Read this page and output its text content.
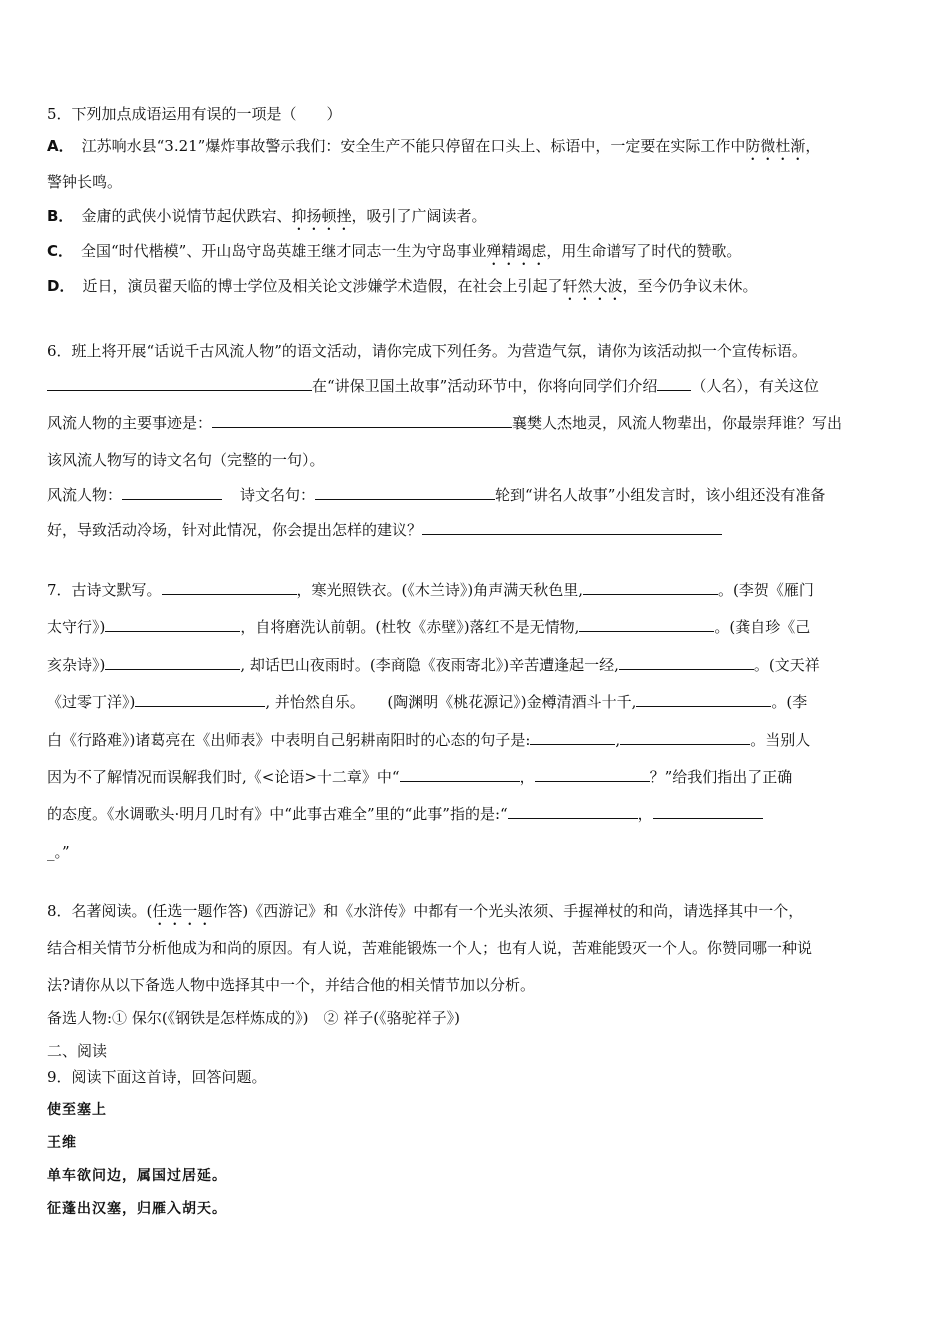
5．下列加点成语运用有误的一项是（　　）
A． 江苏响水县“3.21”爆炸事故警示我们：安全生产不能只停留在口头上、标语中，一定要在实际工作中防微杜渐，
警钟长鸣。
B． 金庸的武侠小说情节起伏跌宕、抑扬顿挫，吸引了广阔读者。
C． 全国“时代楷模”、开山岛守岛英雄王继才同志一生为守岛事业殚精竭虑，用生命谱写了时代的赞歌。
D． 近日，演员翟天临的博士学位及相关论文涉嫌学术造假，在社会上引起了轩然大波，至今仍争议未休。
6．班上将开展“话说千古风流人物”的语文活动，请你完成下列任务。为营造气氛，请你为该活动拟一个宣传标语。
在“讲保卫国土故事”活动环节中，你将向同学们介绍 （人名），有关这位
风流人物的主要事迹是：	襄樊人杰地灵，风流人物辈出，你最崇拜谁？写出
该风流人物写的诗文名句（完整的一句）。
风流人物：	诗文名句：	轮到“讲名人故事”小组发言时，该小组还没有准备
好，导致活动冷场，针对此情况，你会提出怎样的建议？
7．古诗文默写。	，寒光照铁衣。(《木兰诗》)角声满天秋色里,	。(李贺《雁门
太守行》)	，自将磨洗认前朝。(杜牧《赤壁》)落红不是无情物,	。(龚自珍《己
亥杂诗》)	, 却话巴山夜雨时。(李商隐《夜雨寄北》)辛苦遭逢起一经,	。(文天祥
《过零丁洋》)	, 并怡然自乐。　　(陶渊明《桃花源记》)金樽清酒斗十千,	。(李
白《行路难》)诸葛亮在《出师表》中表明自己躬耕南阳时的心态的句子是:	,	。当别人
因为不了解情况而误解我们时,《<论语>十二章》中“	，	？”给我们指出了正确
的态度。《水调歌头·明月几时有》中“此事古难全”里的“此事”指的是:“	，
_。”
8．名著阅读。(任选一题作答)《西游记》和《水浒传》中都有一个光头浓须、手握禅杖的和尚，请选择其中一个，
结合相关情节分析他成为和尚的原因。有人说，苦难能锻炼一个人；也有人说，苦难能毁灭一个人。你赞同哪一种说
法?请你从以下备选人物中选择其中一个，并结合他的相关情节加以分析。
备选人物:① 保尔(《钢铁是怎样炼成的》)　② 祥子(《骆驼祥子》)
二、阅读
9．阅读下面这首诗，回答问题。
使至塞上
王维
单车欲问边，属国过居延。
征蓬出汉塞，归雁入胡天。
